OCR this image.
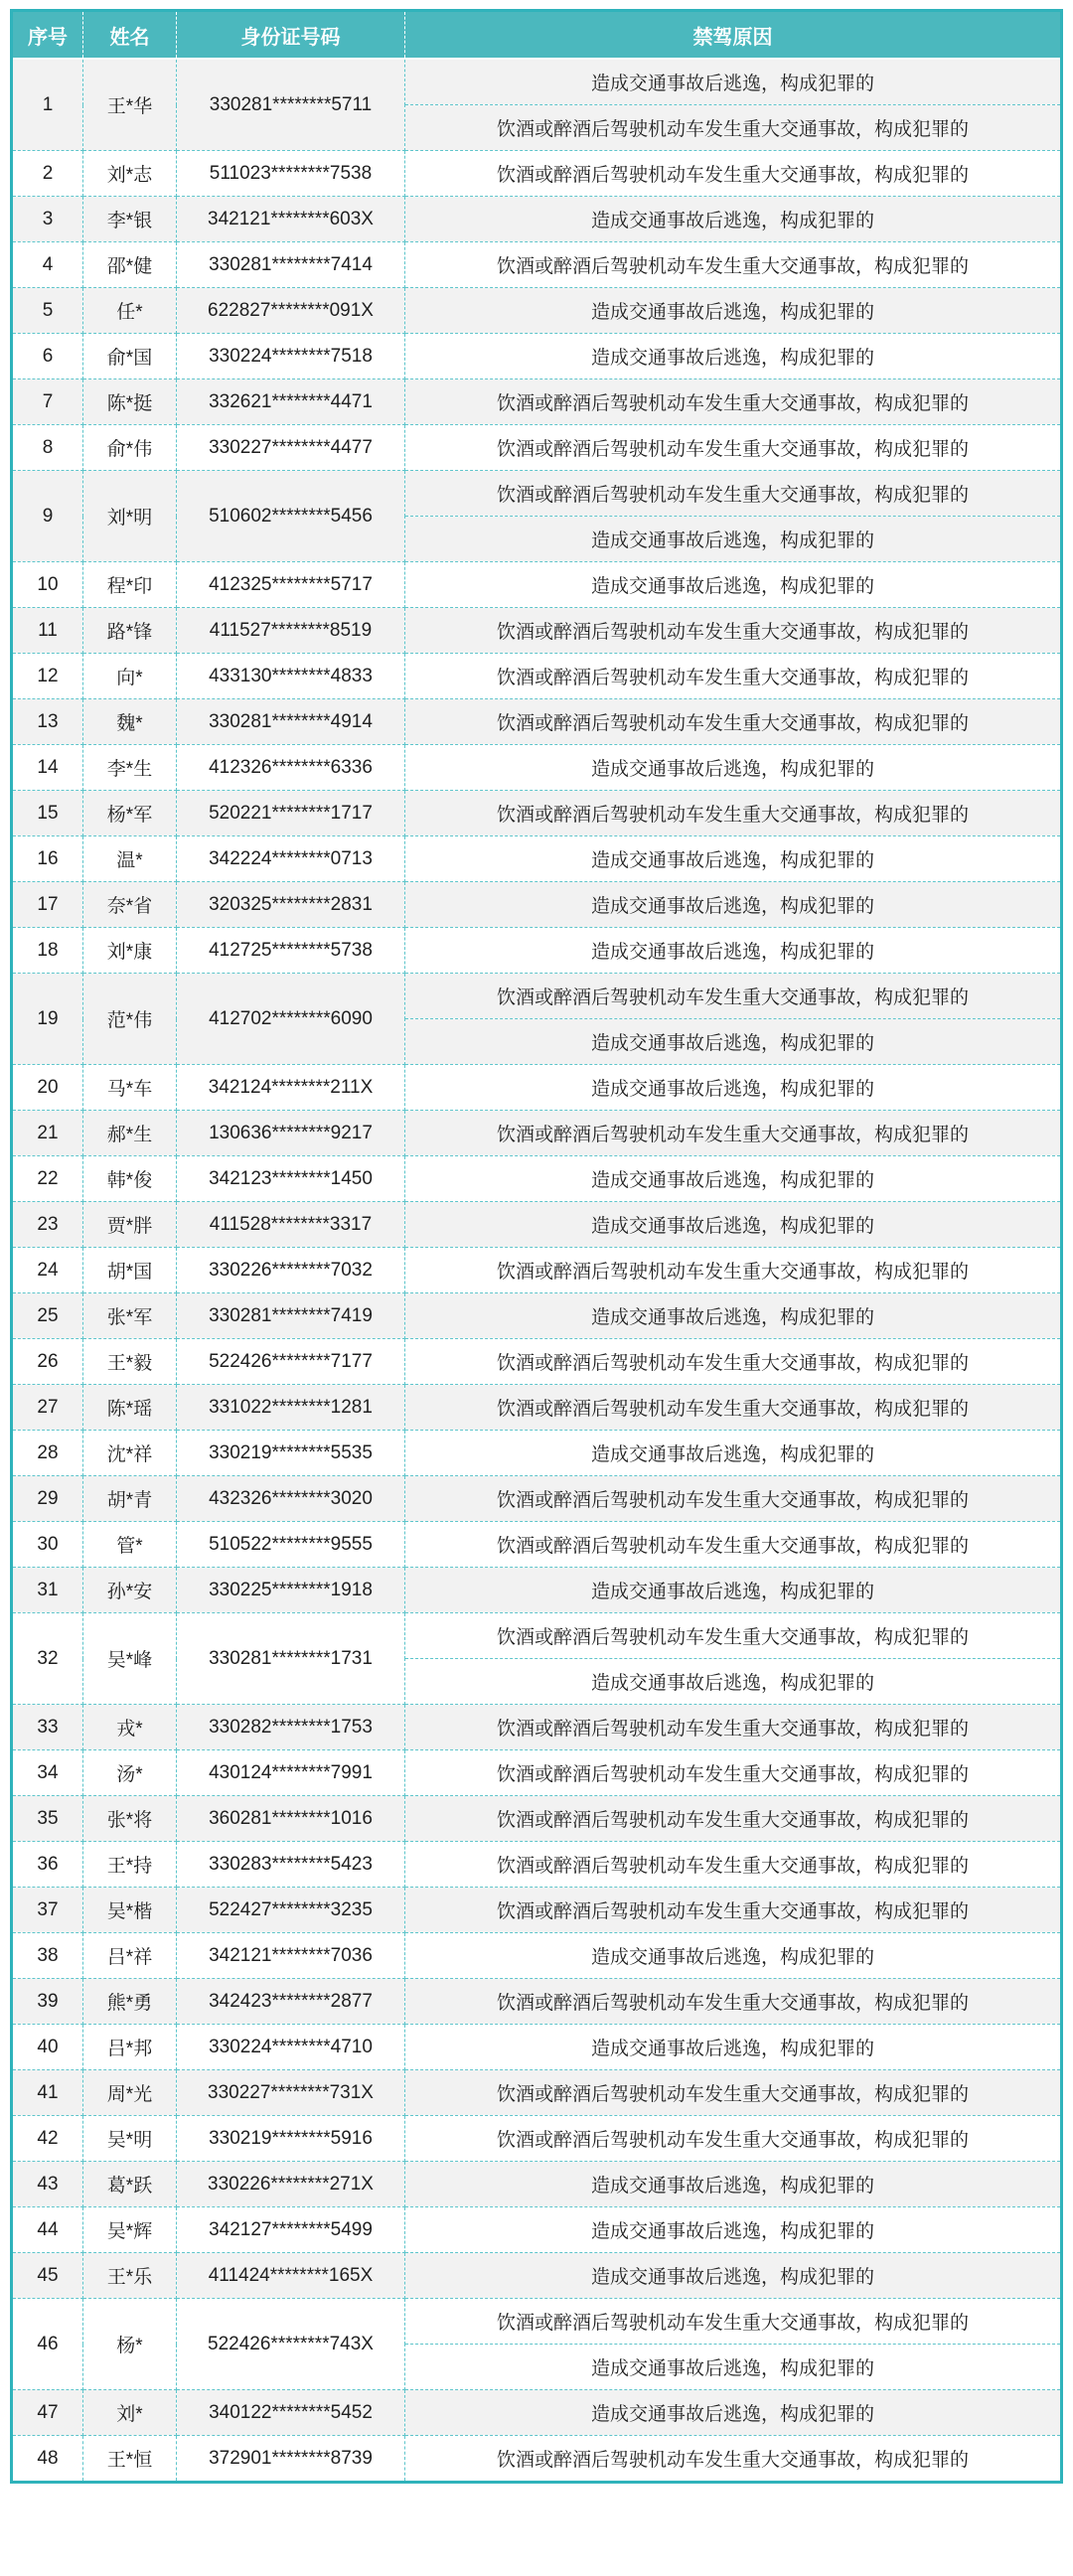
序号	姓名	身份证号码	禁驾原因
1	王*华	330281********5711	造成交通事故后逃逸，构成犯罪的
			饮酒或醉酒后驾驶机动车发生重大交通事故，构成犯罪的
2	刘*志	511023********7538	饮酒或醉酒后驾驶机动车发生重大交通事故，构成犯罪的
3	李*银	342121********603X	造成交通事故后逃逸，构成犯罪的
4	邵*健	330281********7414	饮酒或醉酒后驾驶机动车发生重大交通事故，构成犯罪的
5	任*	622827********091X	造成交通事故后逃逸，构成犯罪的
6	俞*国	330224********7518	造成交通事故后逃逸，构成犯罪的
7	陈*挺	332621********4471	饮酒或醉酒后驾驶机动车发生重大交通事故，构成犯罪的
8	俞*伟	330227********4477	饮酒或醉酒后驾驶机动车发生重大交通事故，构成犯罪的
9	刘*明	510602********5456	饮酒或醉酒后驾驶机动车发生重大交通事故，构成犯罪的
			造成交通事故后逃逸，构成犯罪的
10	程*印	412325********5717	造成交通事故后逃逸，构成犯罪的
11	路*锋	411527********8519	饮酒或醉酒后驾驶机动车发生重大交通事故，构成犯罪的
12	向*	433130********4833	饮酒或醉酒后驾驶机动车发生重大交通事故，构成犯罪的
13	魏*	330281********4914	饮酒或醉酒后驾驶机动车发生重大交通事故，构成犯罪的
14	李*生	412326********6336	造成交通事故后逃逸，构成犯罪的
15	杨*军	520221********1717	饮酒或醉酒后驾驶机动车发生重大交通事故，构成犯罪的
16	温*	342224********0713	造成交通事故后逃逸，构成犯罪的
17	奈*省	320325********2831	造成交通事故后逃逸，构成犯罪的
18	刘*康	412725********5738	造成交通事故后逃逸，构成犯罪的
19	范*伟	412702********6090	饮酒或醉酒后驾驶机动车发生重大交通事故，构成犯罪的
			造成交通事故后逃逸，构成犯罪的
20	马*车	342124********211X	造成交通事故后逃逸，构成犯罪的
21	郝*生	130636********9217	饮酒或醉酒后驾驶机动车发生重大交通事故，构成犯罪的
22	韩*俊	342123********1450	造成交通事故后逃逸，构成犯罪的
23	贾*胖	411528********3317	造成交通事故后逃逸，构成犯罪的
24	胡*国	330226********7032	饮酒或醉酒后驾驶机动车发生重大交通事故，构成犯罪的
25	张*军	330281********7419	造成交通事故后逃逸，构成犯罪的
26	王*毅	522426********7177	饮酒或醉酒后驾驶机动车发生重大交通事故，构成犯罪的
27	陈*瑶	331022********1281	饮酒或醉酒后驾驶机动车发生重大交通事故，构成犯罪的
28	沈*祥	330219********5535	造成交通事故后逃逸，构成犯罪的
29	胡*青	432326********3020	饮酒或醉酒后驾驶机动车发生重大交通事故，构成犯罪的
30	管*	510522********9555	饮酒或醉酒后驾驶机动车发生重大交通事故，构成犯罪的
31	孙*安	330225********1918	造成交通事故后逃逸，构成犯罪的
32	吴*峰	330281********1731	饮酒或醉酒后驾驶机动车发生重大交通事故，构成犯罪的
			造成交通事故后逃逸，构成犯罪的
33	戎*	330282********1753	饮酒或醉酒后驾驶机动车发生重大交通事故，构成犯罪的
34	汤*	430124********7991	饮酒或醉酒后驾驶机动车发生重大交通事故，构成犯罪的
35	张*将	360281********1016	饮酒或醉酒后驾驶机动车发生重大交通事故，构成犯罪的
36	王*持	330283********5423	饮酒或醉酒后驾驶机动车发生重大交通事故，构成犯罪的
37	吴*楷	522427********3235	饮酒或醉酒后驾驶机动车发生重大交通事故，构成犯罪的
38	吕*祥	342121********7036	造成交通事故后逃逸，构成犯罪的
39	熊*勇	342423********2877	饮酒或醉酒后驾驶机动车发生重大交通事故，构成犯罪的
40	吕*邦	330224********4710	造成交通事故后逃逸，构成犯罪的
41	周*光	330227********731X	饮酒或醉酒后驾驶机动车发生重大交通事故，构成犯罪的
42	吴*明	330219********5916	饮酒或醉酒后驾驶机动车发生重大交通事故，构成犯罪的
43	葛*跃	330226********271X	造成交通事故后逃逸，构成犯罪的
44	吴*辉	342127********5499	造成交通事故后逃逸，构成犯罪的
45	王*乐	411424********165X	造成交通事故后逃逸，构成犯罪的
46	杨*	522426********743X	饮酒或醉酒后驾驶机动车发生重大交通事故，构成犯罪的
			造成交通事故后逃逸，构成犯罪的
47	刘*	340122********5452	造成交通事故后逃逸，构成犯罪的
48	王*恒	372901********8739	饮酒或醉酒后驾驶机动车发生重大交通事故，构成犯罪的
